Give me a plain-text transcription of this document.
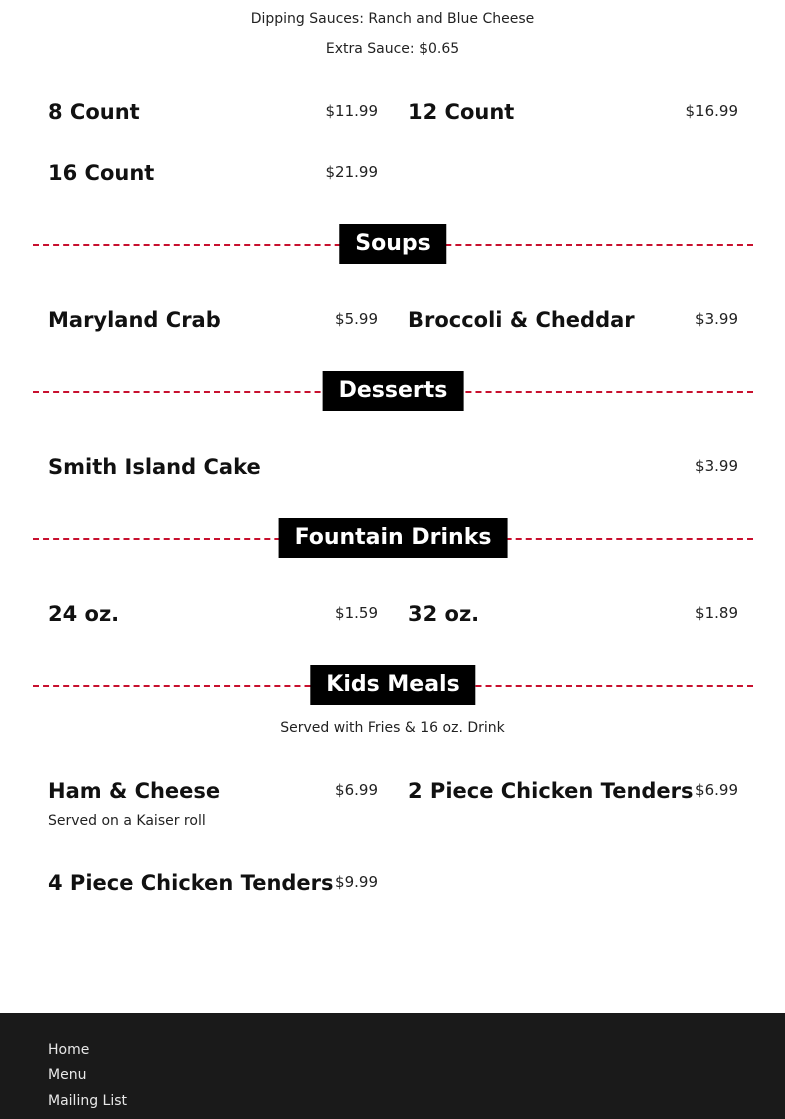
Dipping Sauces: Ranch and Blue Cheese
Extra Sauce: $0.65
8 Count	$11.99 12 Count	$16.99
16 Count	$21.99
Soups
Maryland Crab	$5.99 Broccoli & Cheddar	$3.99
Desserts
Smith Island Cake	$3.99
Fountain Drinks
24 oz.	$1.59 32 oz.	$1.89
Kids Meals
Served with Fries & 16 oz. Drink
Ham & Cheese	$6.99
Served on a Kaiser roll
2 Piece Chicken Tenders $6.99
4 Piece Chicken Tenders $9.99
Home
Menu
Mailing List
